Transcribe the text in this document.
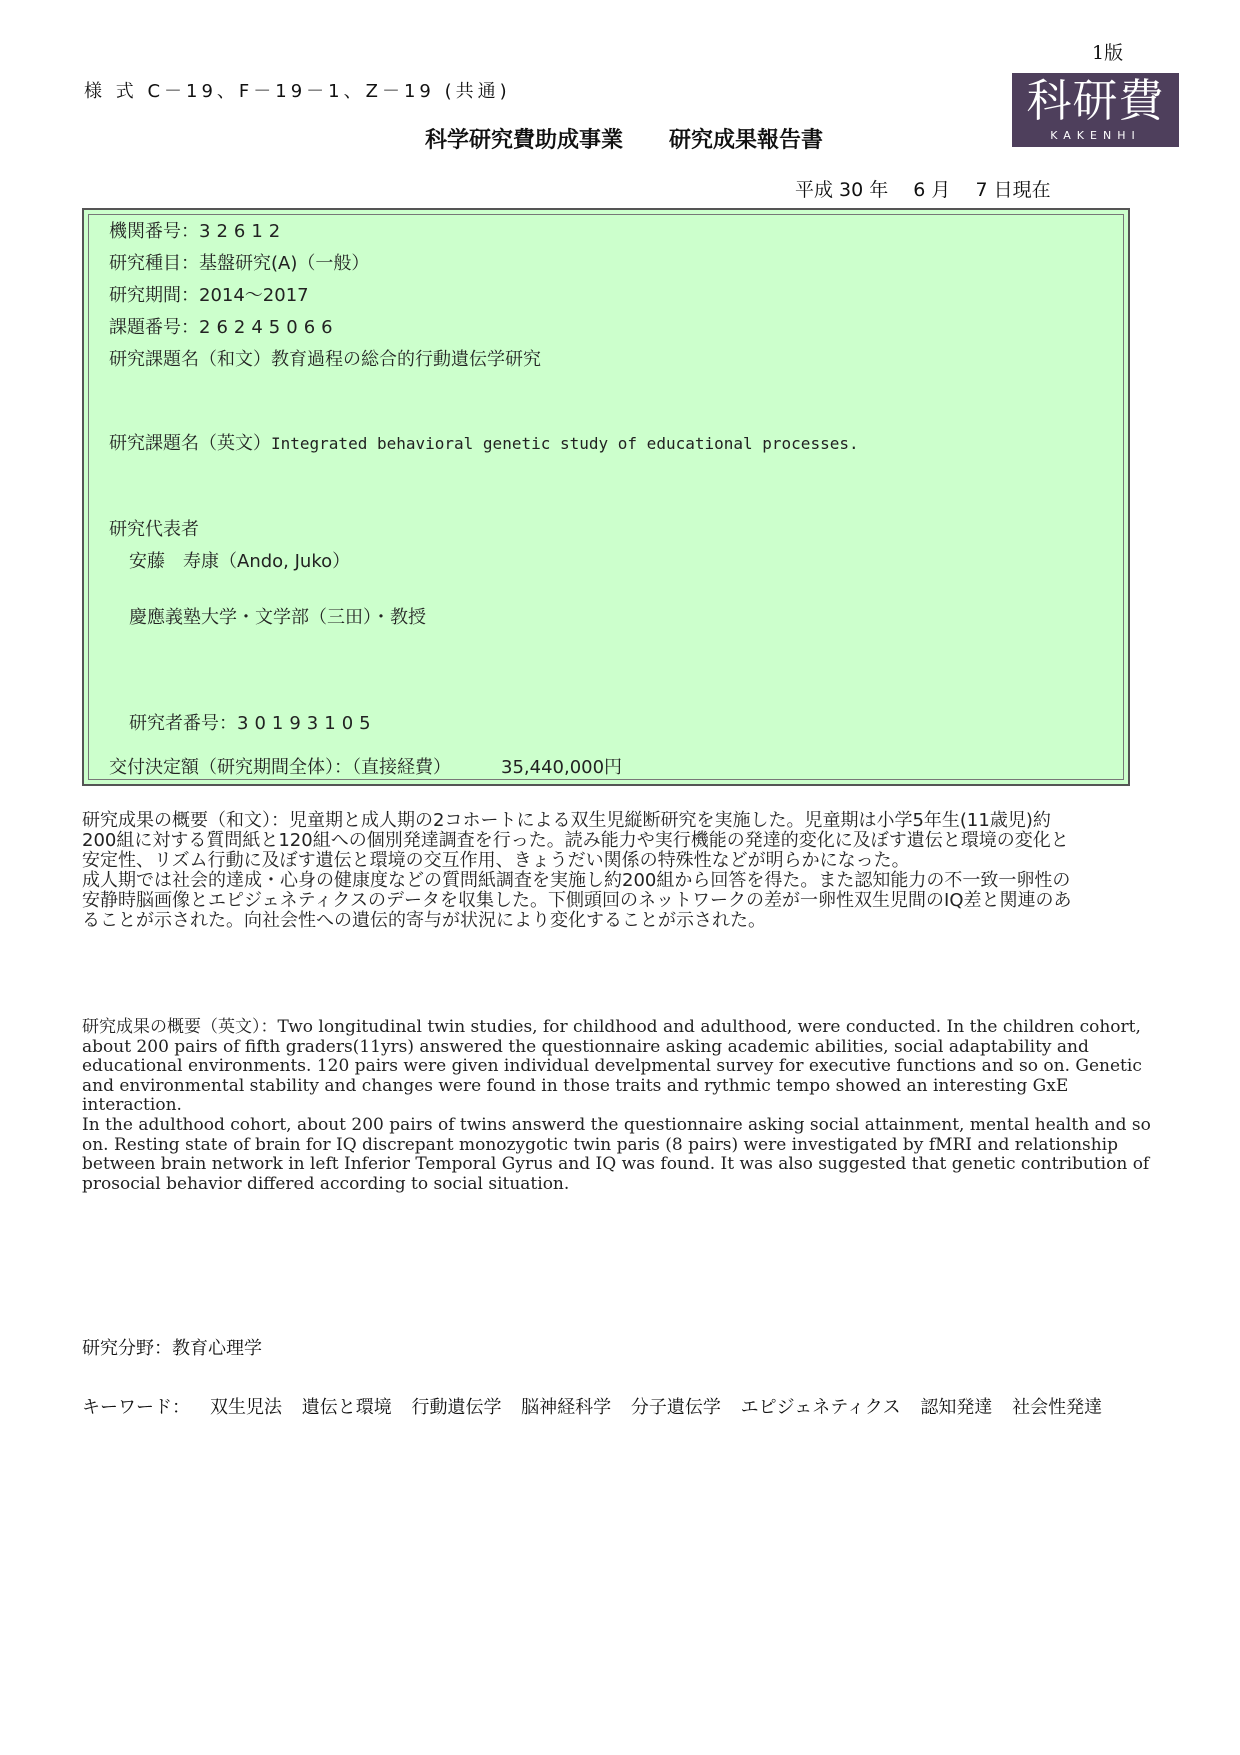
1版
様 式 C－19、F－19－1、Z－19 (共通)	科研費
KAKENHI
科学研究費助成事業 研究成果報告書
平成 30 年 　6 月 　7 日現在
機関番号：32612
研究種目：基盤研究(A)（一般）
研究期間：2014～2017
課題番号：26245066
研究課題名（和文）教育過程の総合的行動遺伝学研究
研究課題名（英文）Integrated behavioral genetic study of educational processes.
研究代表者
安藤　寿康（Ando, Juko）
慶應義塾大学・文学部（三田）・教授
研究者番号：30193105
交付決定額（研究期間全体）：（直接経費）	35,440,000円

研究成果の概要（和文）：児童期と成人期の2コホートによる双生児縦断研究を実施した。児童期は小学5年生(11歳児)約200組に対する質問紙と120組への個別発達調査を行った。読み能力や実行機能の発達的変化に及ぼす遺伝と環境の変化と安定性、リズム行動に及ぼす遺伝と環境の交互作用、きょうだい関係の特殊性などが明らかになった。

成人期では社会的達成・心身の健康度などの質問紙調査を実施し約200組から回答を得た。また認知能力の不一致一卵性の安静時脳画像とエピジェネティクスのデータを収集した。下側頭回のネットワークの差が一卵性双生児間のIQ差と関連のあることが示された。向社会性への遺伝的寄与が状況により変化することが示された。

研究成果の概要（英文）：Two longitudinal twin studies, for childhood and adulthood, were conducted. In the children cohort, about 200 pairs of fifth graders(11yrs) answered the questionnaire asking academic abilities, social adaptability and educational environments. 120 pairs were given individual develpmental survey for executive functions and so on. Genetic and environmental stability and changes were found in those traits and rythmic tempo showed an interesting GxE interaction.

In the adulthood cohort, about 200 pairs of twins answerd the questionnaire asking social attainment, mental health and so on. Resting state of brain for IQ discrepant monozygotic twin paris (8 pairs) were investigated by fMRI and relationship between brain network in left Inferior Temporal Gyrus and IQ was found. It was also suggested that genetic contribution of prosocial behavior differed according to social situation.

研究分野：教育心理学
キーワード： 双生児法 遺伝と環境 行動遺伝学 脳神経科学 分子遺伝学 エピジェネティクス 認知発達 社会性発達
